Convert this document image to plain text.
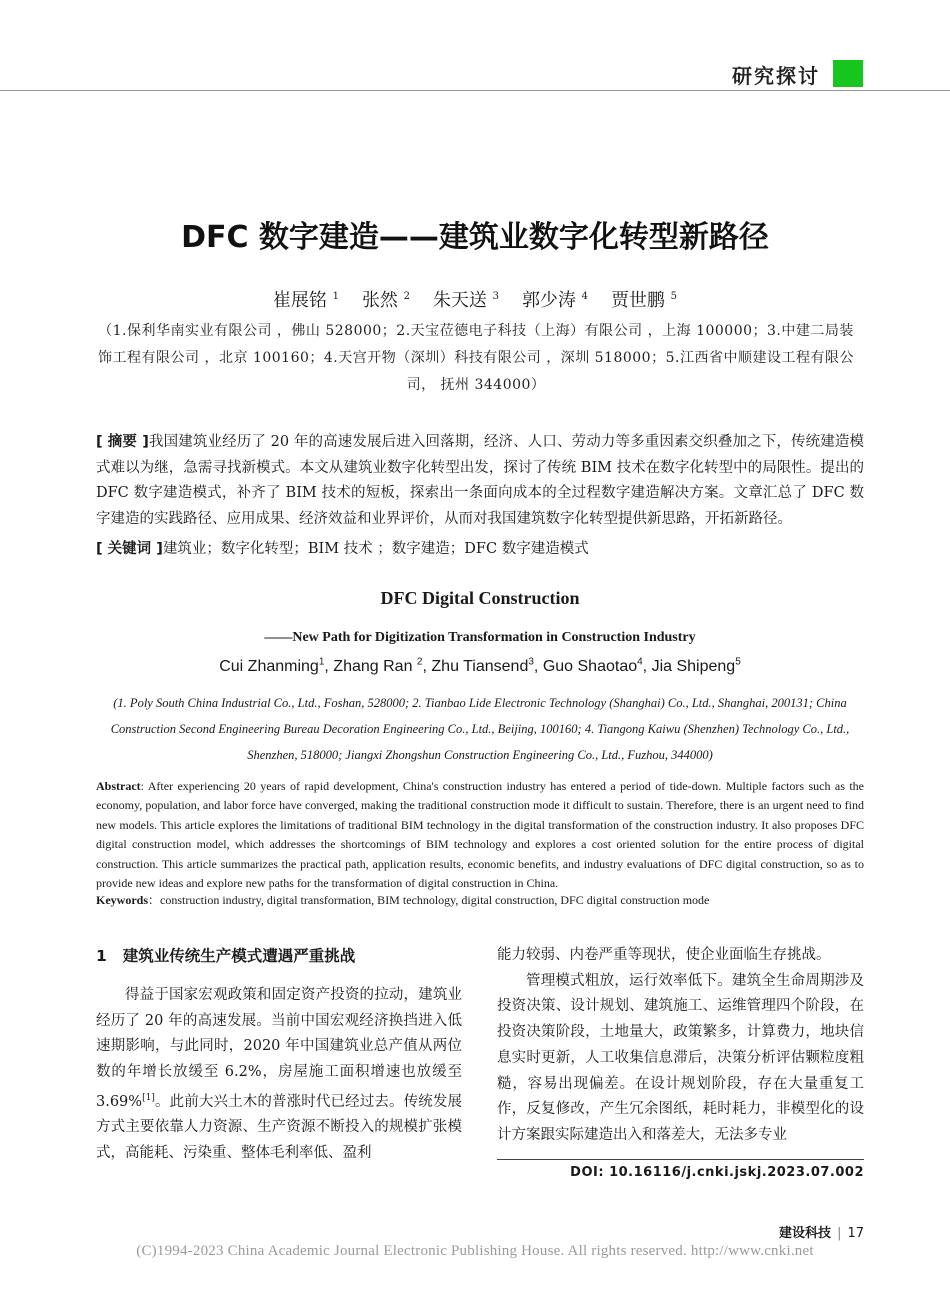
研究探讨
DFC 数字建造——建筑业数字化转型新路径
崔展铭 $^1$ 张然 $^2$ 朱天送 $^3$ 郭少涛 $^4$ 贾世鹏 $^5$
（1.保利华南实业有限公司 ，佛山 528000；2.天宝莅德电子科技（上海）有限公司 ，上海 100000；3.中建二局装饰工程有限公司 ，北京 100160；4.天宫开物（深圳）科技有限公司 ，深圳 518000；5.江西省中顺建设工程有限公司， 抚州 344000）
[ 摘要 ]我国建筑业经历了 20 年的高速发展后进入回落期，经济、人口、劳动力等多重因素交织叠加之下，传统建造模式难以为继，急需寻找新模式。本文从建筑业数字化转型出发，探讨了传统 BIM 技术在数字化转型中的局限性。提出的 DFC 数字建造模式，补齐了 BIM 技术的短板，探索出一条面向成本的全过程数字建造解决方案。文章汇总了 DFC 数字建造的实践路径、应用成果、经济效益和业界评价，从而对我国建筑数字化转型提供新思路，开拓新路径。
[ 关键词 ]建筑业；数字化转型；BIM 技术 ；数字建造；DFC 数字建造模式
DFC Digital Construction
——New Path for Digitization Transformation in Construction Industry
Cui Zhanming$^1$, Zhang Ran $^2$, Zhu Tiansend$^3$, Guo Shaotao$^4$, Jia Shipeng$^5$
(1. Poly South China Industrial Co., Ltd., Foshan, 528000; 2. Tianbao Lide Electronic Technology (Shanghai) Co., Ltd., Shanghai, 200131; China Construction Second Engineering Bureau Decoration Engineering Co., Ltd., Beijing, 100160; 4. Tiangong Kaiwu (Shenzhen) Technology Co., Ltd., Shenzhen, 518000; Jiangxi Zhongshun Construction Engineering Co., Ltd., Fuzhou, 344000)
Abstract: After experiencing 20 years of rapid development, China's construction industry has entered a period of tide-down. Multiple factors such as the economy, population, and labor force have converged, making the traditional construction mode it difficult to sustain. Therefore, there is an urgent need to find new models. This article explores the limitations of traditional BIM technology in the digital transformation of the construction industry. It also proposes DFC digital construction model, which addresses the shortcomings of BIM technology and explores a cost oriented solution for the entire process of digital construction. This article summarizes the practical path, application results, economic benefits, and industry evaluations of DFC digital construction, so as to provide new ideas and explore new paths for the transformation of digital construction in China.
Keywords：construction industry, digital transformation, BIM technology, digital construction, DFC digital construction mode
1 建筑业传统生产模式遭遇严重挑战

得益于国家宏观政策和固定资产投资的拉动，建筑业经历了 20 年的高速发展。当前中国宏观经济换挡进入低速期影响，与此同时，2020 年中国建筑业总产值从两位数的年增长放缓至 6.2%，房屋施工面积增速也放缓至 3.69%[1]。此前大兴土木的普涨时代已经过去。传统发展方式主要依靠人力资源、生产资源不断投入的规模扩张模式，高能耗、污染重、整体毛利率低、盈利

能力较弱、内卷严重等现状，使企业面临生存挑战。

管理模式粗放，运行效率低下。建筑全生命周期涉及投资决策、设计规划、建筑施工、运维管理四个阶段，在投资决策阶段，土地量大，政策繁多，计算费力，地块信息实时更新，人工收集信息滞后，决策分析评估颗粒度粗糙，容易出现偏差。在设计规划阶段，存在大量重复工作，反复修改，产生冗余图纸，耗时耗力，非模型化的设计方案跟实际建造出入和落差大，无法多专业

DOI: 10.16116/j.cnki.jskj.2023.07.002
建设科技 | 17
(C)1994-2023 China Academic Journal Electronic Publishing House. All rights reserved. http://www.cnki.net
